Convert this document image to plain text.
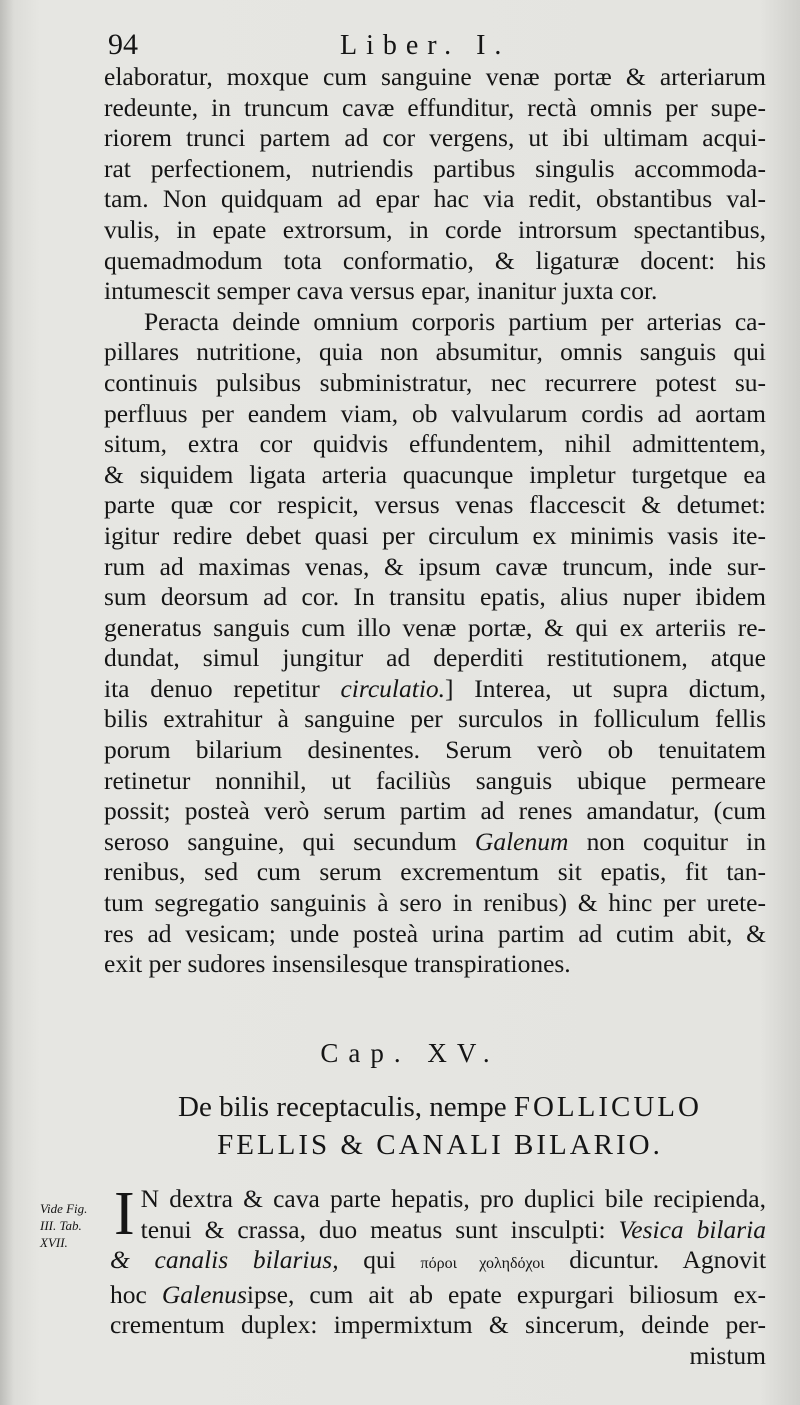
94	Liber. I.
elaboratur, moxque cum sanguine venæ portæ & arteriarum
redeunte, in truncum cavæ effunditur, rectà omnis per supe-
riorem trunci partem ad cor vergens, ut ibi ultimam acqui-
rat perfectionem, nutriendis partibus singulis accommoda-
tam. Non quidquam ad epar hac via redit, obstantibus val-
vulis, in epate extrorsum, in corde introrsum spectantibus,
quemadmodum tota conformatio, & ligaturæ docent: his
intumescit semper cava versus epar, inanitur juxta cor.
Peracta deinde omnium corporis partium per arterias ca-
pillares nutritione, quia non absumitur, omnis sanguis qui
continuis pulsibus subministratur, nec recurrere potest su-
perfluus per eandem viam, ob valvularum cordis ad aortam
situm, extra cor quidvis effundentem, nihil admittentem,
& siquidem ligata arteria quacunque impletur turgetque ea
parte quæ cor respicit, versus venas flaccescit & detumet:
igitur redire debet quasi per circulum ex minimis vasis ite-
rum ad maximas venas, & ipsum cavæ truncum, inde sur-
sum deorsum ad cor. In transitu epatis, alius nuper ibidem
generatus sanguis cum illo venæ portæ, & qui ex arteriis re-
dundat, simul jungitur ad deperditi restitutionem, atque
ita denuo repetitur circulatio.] Interea, ut supra dictum,
bilis extrahitur à sanguine per surculos in folliculum fellis
porum bilarium desinentes. Serum verò ob tenuitatem
retinetur nonnihil, ut faciliùs sanguis ubique permeare
possit; posteà verò serum partim ad renes amandatur, (cum
seroso sanguine, qui secundum Galenum non coquitur in
renibus, sed cum serum excrementum sit epatis, fit tan-
tum segregatio sanguinis à sero in renibus) & hinc per urete-
res ad vesicam; unde posteà urina partim ad cutim abit, &
exit per sudores insensilesque transpirationes.
Cap. XV.
De bilis receptaculis, nempe FOLLICULO
FELLIS & CANALI BILARIO.
Vide Fig.
III. Tab.
XVII. I N dextra & cava parte hepatis, pro duplici bile recipienda,
tenui & crassa, duo meatus sunt insculpti: Vesica bilaria
& canalis bilarius, qui πόροι χοληδόχοι dicuntur. Agnovit
hoc Galenusipse, cum ait ab epate expurgari biliosum ex-
crementum duplex: impermixtum & sincerum, deinde per-
mistum
